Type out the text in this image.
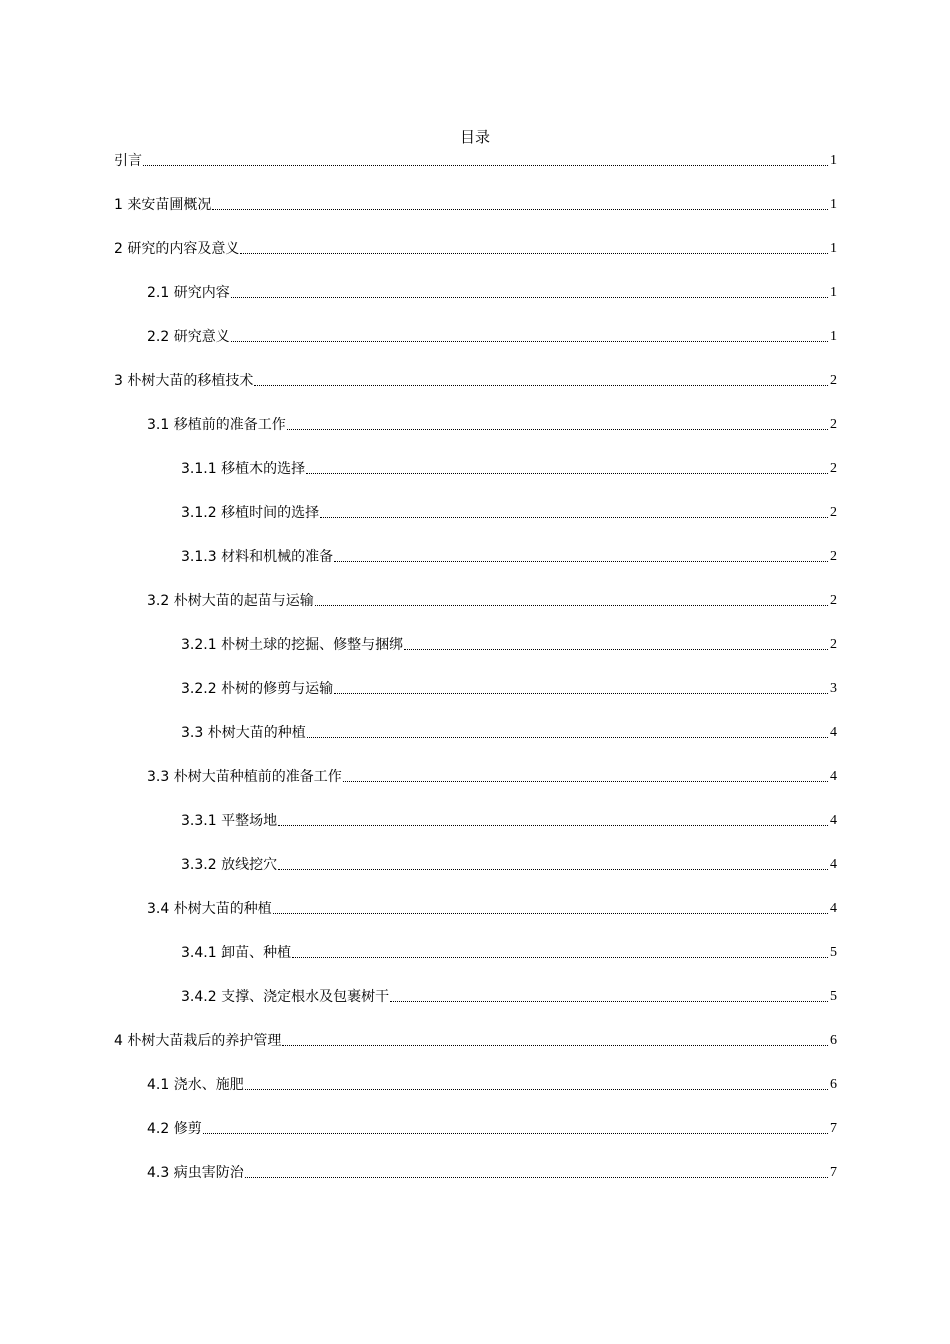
目录
引言	1
1 来安苗圃概况	1
2 研究的内容及意义	1
2.1 研究内容	1
2.2 研究意义	1
3 朴树大苗的移植技术	2
3.1 移植前的准备工作	2
3.1.1 移植木的选择	2
3.1.2 移植时间的选择	2
3.1.3 材料和机械的准备	2
3.2 朴树大苗的起苗与运输	2
3.2.1 朴树土球的挖掘、修整与捆绑	2
3.2.2 朴树的修剪与运输	3
3.3 朴树大苗的种植	4
3.3 朴树大苗种植前的准备工作	4
3.3.1 平整场地	4
3.3.2 放线挖穴	4
3.4 朴树大苗的种植	4
3.4.1 卸苗、种植	5
3.4.2 支撑、浇定根水及包裹树干	5
4 朴树大苗栽后的养护管理	6
4.1 浇水、施肥	6
4.2 修剪	7
4.3 病虫害防治	7
